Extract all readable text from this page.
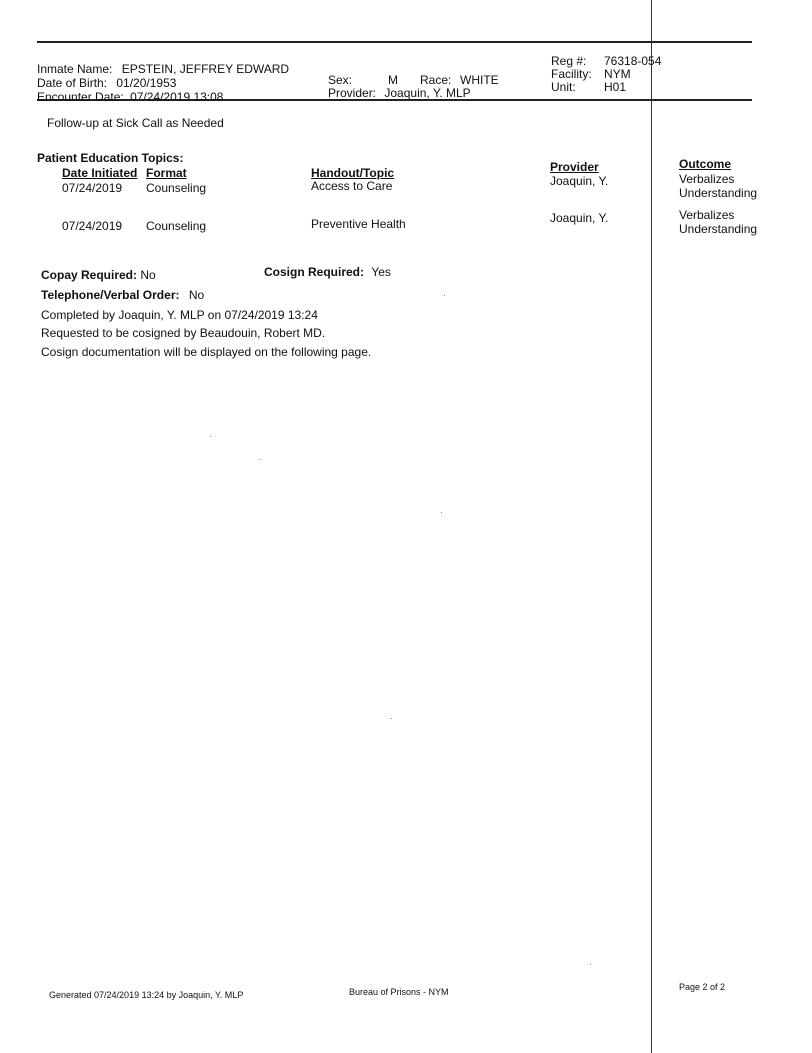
Inmate Name: EPSTEIN, JEFFREY EDWARD
Date of Birth: 01/20/1953
Encounter Date: 07/24/2019 13:08
Sex:	M Race: WHITE
Provider: Joaquin, Y. MLP
Reg #: 76318-054
Facility: NYM
Unit: H01
Follow-up at Sick Call as Needed
Patient Education Topics:
Date Initiated Format	Handout/Topic	Provider	Outcome
07/24/2019 Counseling	Access to Care	Joaquin, Y.	Verbalizes
Understanding
07/24/2019 Counseling	Preventive Health	Joaquin, Y.	Verbalizes
Understanding
Copay Required: No	Cosign Required: Yes
Telephone/Verbal Order: No
Completed by Joaquin, Y. MLP on 07/24/2019 13:24
Requested to be cosigned by Beaudouin, Robert MD.
Cosign documentation will be displayed on the following page.
Generated 07/24/2019 13:24 by Joaquin, Y. MLP	Bureau of Prisons - NYM	Page 2 of 2
